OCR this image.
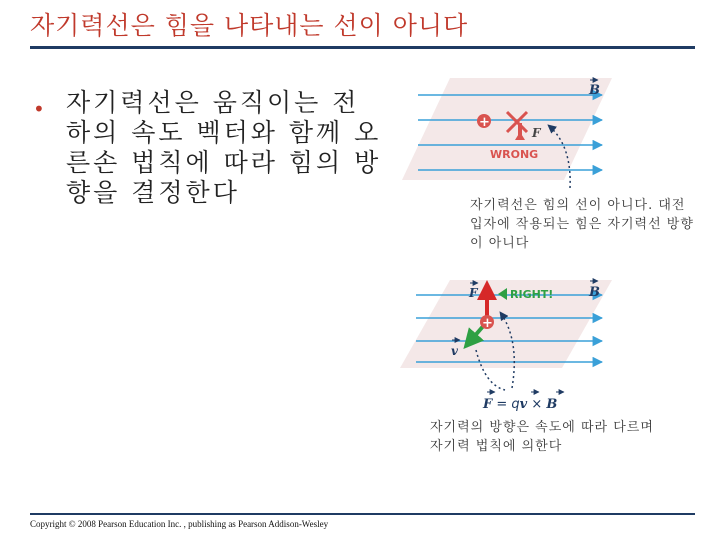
자기력선은 힘을 나타내는 선이 아니다
• 자기력선은 움직이는 전하의 속도 벡터와 함께 오른손 법칙에 따라 힘의 방향을 결정한다
B
+
F
WRONG
B
F	RIGHT!
v
+
F = qv × B
자기력선은 힘의 선이 아니다. 대전 입자에 작용되는 힘은 자기력선 방향이 아니다
자기력의 방향은 속도에 따라 다르며 자기력 법칙에 의한다
Copyright © 2008 Pearson Education Inc. , publishing as Pearson Addison-Wesley
